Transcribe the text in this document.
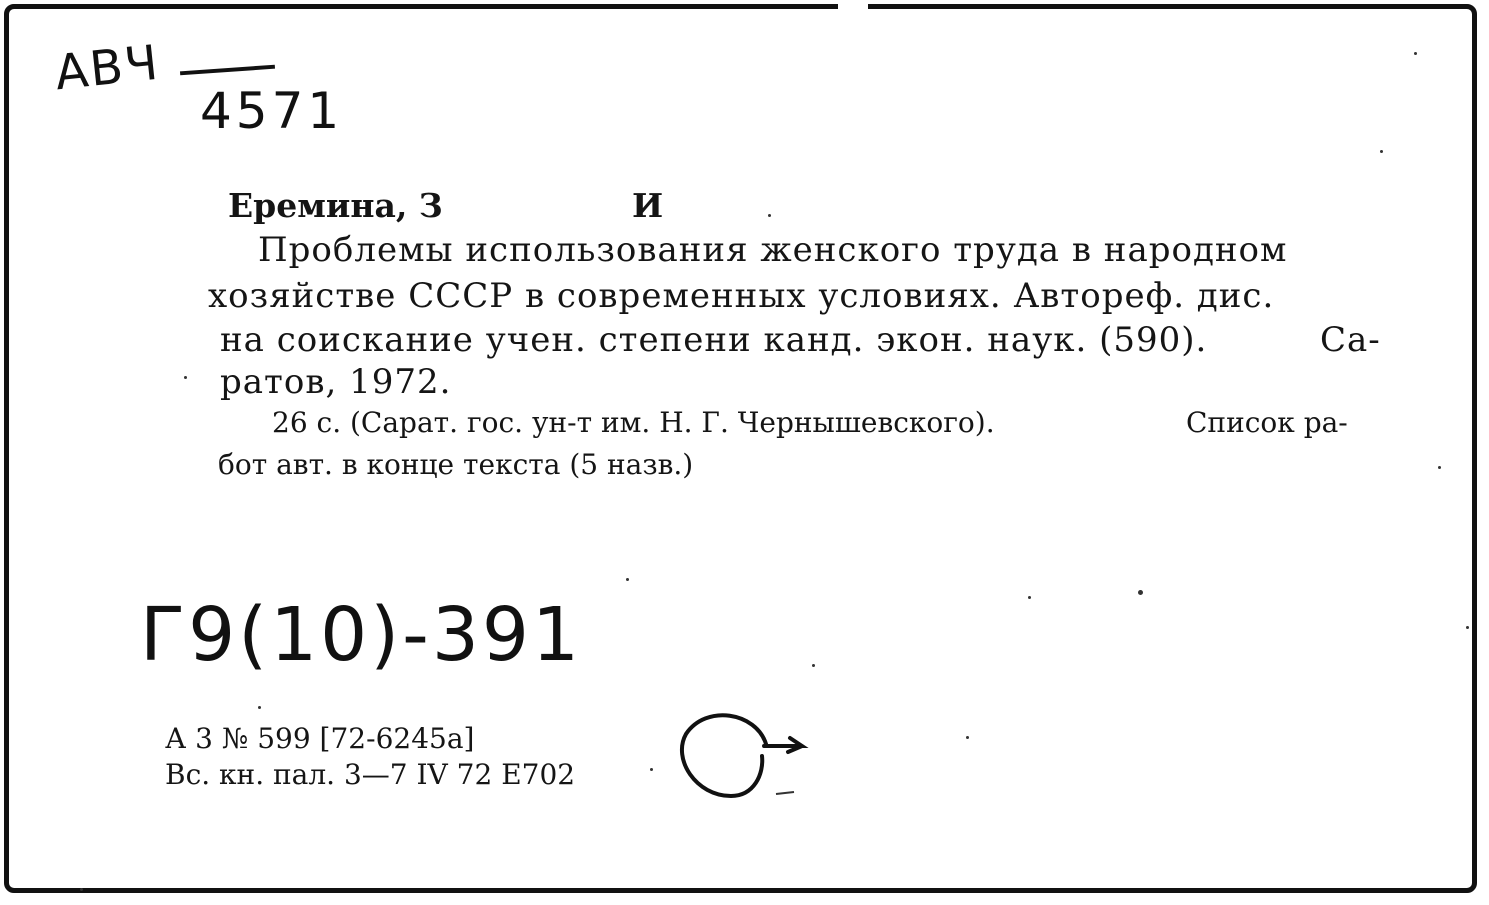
АВЧ
4571

Еремина, З	И

Проблемы использования женского труда в народном

хозяйстве СССР в современных условиях. Автореф. дис.

на соискание учен. степени канд. экон. наук. (590).	Са-

ратов, 1972.

26 с. (Сарат. гос. ун-т им. Н. Г. Чернышевского).	Список ра-

бот авт. в конце текста (5 назв.)

Г9(10)-391

А 3 № 599 [72-6245а]

Вс. кн. пал. 3—7 IV 72 Е702
